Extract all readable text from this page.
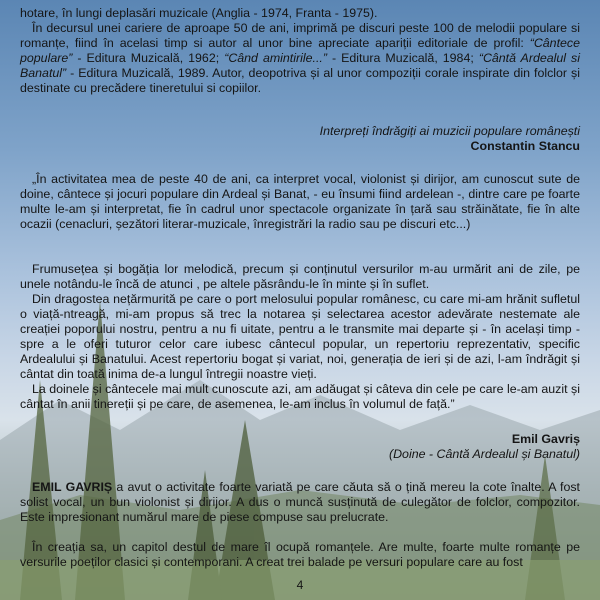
hotare, în lungi deplasări muzicale (Anglia - 1974, Franta - 1975).

În decursul unei cariere de aproape 50 de ani, imprimă pe discuri peste 100 de melodii populare si romanțe, fiind în acelasi timp si autor al unor bine apreciate apariții editoriale de profil: “Cântece populare” - Editura Muzicală, 1962; “Când amintirile...” - Editura Muzicală, 1984; “Cântă Ardealul si Banatul” - Editura Muzicală, 1989. Autor, deopotriva și al unor compoziții corale inspirate din folclor și destinate cu precădere tineretului si copiilor.

Interpreți îndrăgiți ai muzicii populare românești

Constantin Stancu

„În activitatea mea de peste 40 de ani, ca interpret vocal, violonist și dirijor, am cunoscut sute de doine, cântece și jocuri populare din Ardeal și Banat, - eu însumi fiind ardelean -, dintre care pe foarte multe le-am și interpretat, fie în cadrul unor spectacole organizate în țară sau străinătate, fie în alte ocazii (cenacluri, șezători literar-muzicale, înregistrări la radio sau pe discuri etc...)

Frumusețea și bogăția lor melodică, precum și conținutul versurilor m-au urmărit ani de zile, pe unele notându-le încă de atunci , pe altele păsrându-le în minte și în suflet.

Din dragostea nețărmurită pe care o port melosului popular românesc, cu care mi-am hrănit sufletul o viață-ntreagă, mi-am propus să trec la notarea și selectarea acestor adevărate nestemate ale creației poporului nostru, pentru a nu fi uitate, pentru a le transmite mai departe și - în același timp - spre a le oferi tuturor celor care iubesc cântecul popular, un repertoriu reprezentativ, specific Ardealului și Banatului. Acest repertoriu bogat și variat, noi, generația de ieri și de azi, l-am îndrăgit și cântat din toată inima de-a lungul întregii noastre vieți.

La doinele și cântecele mai mult cunoscute azi, am adăugat și câteva din cele pe care le-am auzit și cântat în anii tinereții și pe care, de asemenea, le-am inclus în volumul de față.”

Emil Gavriș

(Doine - Cântă Ardealul și Banatul)

EMIL GAVRIȘ a avut o activitate foarte variată pe care căuta să o țină mereu la cote înalte. A fost solist vocal, un bun violonist și dirijor. A dus o muncă susținută de culegător de folclor, compozitor. Este impresionant numărul mare de piese compuse sau prelucrate.

În creația sa, un capitol destul de mare îl ocupă romanțele. Are multe, foarte multe romanțe pe versurile poeților clasici și contemporani. A creat trei balade pe versuri populare care au fost

4
